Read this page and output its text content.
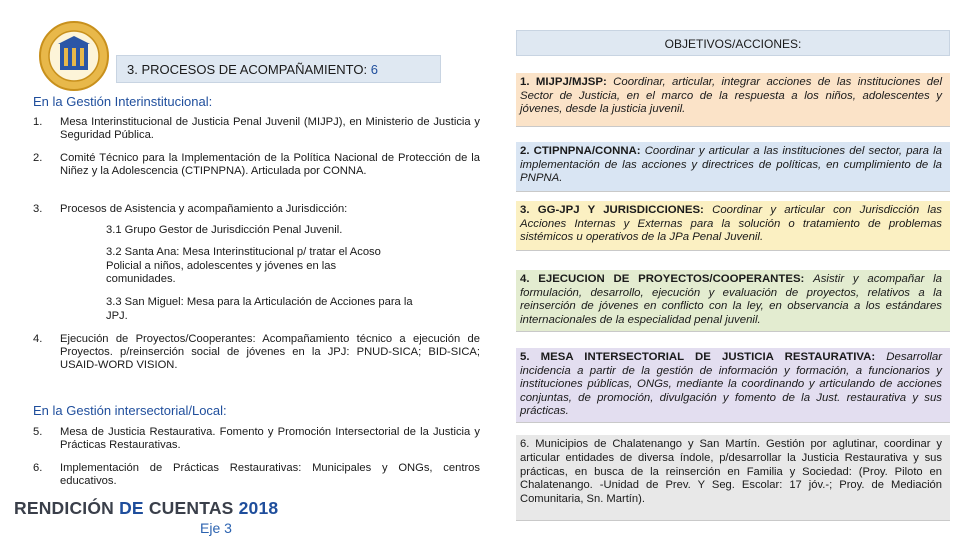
3. PROCESOS DE ACOMPAÑAMIENTO: 6
En la Gestión Interinstitucional:
1. Mesa Interinstitucional de Justicia Penal Juvenil (MIJPJ), en Ministerio de Justicia y Seguridad Pública.
2. Comité Técnico para la Implementación de la Política Nacional de Protección de la Niñez y la Adolescencia (CTIPNPNA). Articulada por CONNA.
3. Procesos de Asistencia y acompañamiento a Jurisdicción:
3.1 Grupo Gestor de Jurisdicción Penal Juvenil.
3.2 Santa Ana: Mesa Interinstitucional p/ tratar el Acoso Policial a niños, adolescentes y jóvenes en las comunidades.
3.3 San Miguel: Mesa para la Articulación de Acciones para la JPJ.
4. Ejecución de Proyectos/Cooperantes: Acompañamiento técnico a ejecución de Proyectos. p/reinserción social de jóvenes en la JPJ: PNUD-SICA; BID-SICA; USAID-WORD VISION.
En la Gestión intersectorial/Local:
5. Mesa de Justicia Restaurativa. Fomento y Promoción Intersectorial de la Justicia y Prácticas Restaurativas.
6. Implementación de Prácticas Restaurativas: Municipales y ONGs, centros educativos.
OBJETIVOS/ACCIONES:
1. MIJPJ/MJSP: Coordinar, articular, integrar acciones de las instituciones del Sector de Justicia, en el marco de la respuesta a los niños, adolescentes y jóvenes, desde la justicia juvenil.
2. CTIPNPNA/CONNA: Coordinar y articular a las instituciones del sector, para la implementación de las acciones y directrices de políticas, en cumplimiento de la PNPNA.
3. GG-JPJ Y JURISDICCIONES: Coordinar y articular con Jurisdicción las Acciones Internas y Externas para la solución o tratamiento de problemas sistémicos u operativos de la JPa Penal Juvenil.
4. EJECUCION DE PROYECTOS/COOPERANTES: Asistir y acompañar la formulación, desarrollo, ejecución y evaluación de proyectos, relativos a la reinserción de jóvenes en conflicto con la ley, en observancia a los estándares internacionales de la especialidad penal juvenil.
5. MESA INTERSECTORIAL DE JUSTICIA RESTAURATIVA: Desarrollar incidencia a partir de la gestión de información y formación, a funcionarios y instituciones públicas, ONGs, mediante la coordinando y articulando de acciones conjuntas, de promoción, divulgación y fomento de la Just. restaurativa y sus prácticas.
6. Municipios de Chalatenango y San Martín. Gestión por aglutinar, coordinar y articular entidades de diversa índole, p/desarrollar la Justicia Restaurativa y sus prácticas, en busca de la reinserción en Familia y Sociedad: (Proy. Piloto en Chalatenango. -Unidad de Prev. Y Seg. Escolar: 17 jóv.-; Proy. de Mediación Comunitaria, Sn. Martín).
RENDICIÓN DE CUENTAS 2018
Eje 3
